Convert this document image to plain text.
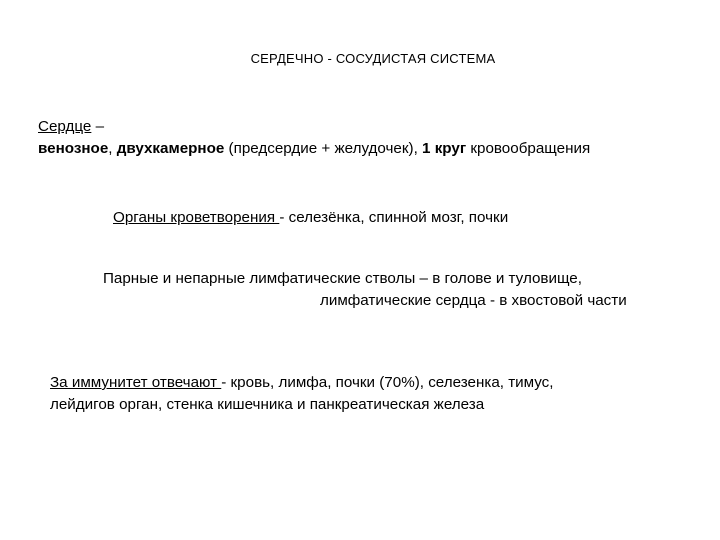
СЕРДЕЧНО - СОСУДИСТАЯ СИСТЕМА
Сердце –
венозное, двухкамерное (предсердие + желудочек), 1 круг кровообращения
Органы кроветворения - селезёнка, спинной мозг, почки
Парные и непарные лимфатические стволы – в голове и туловище,
лимфатические сердца - в хвостовой части
За иммунитет отвечают - кровь, лимфа, почки (70%), селезенка, тимус,
лейдигов орган, стенка кишечника и панкреатическая железа
